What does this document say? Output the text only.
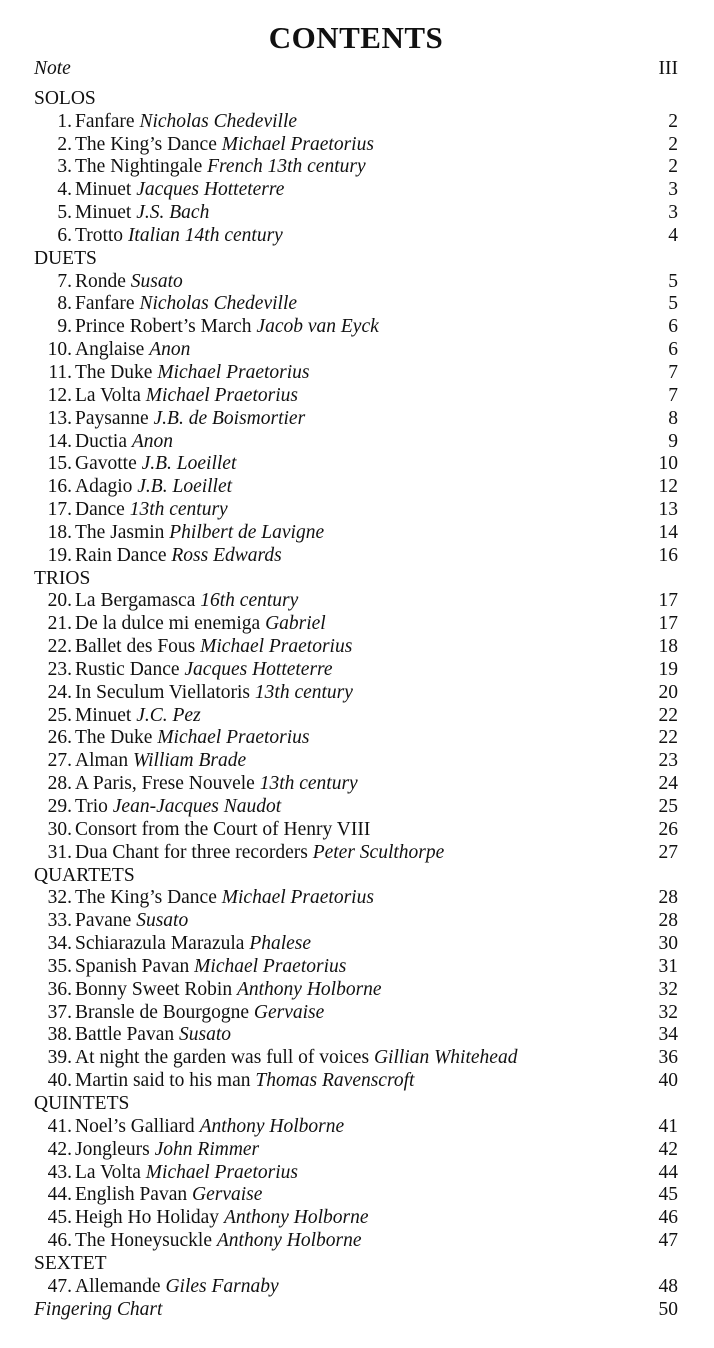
CONTENTS
Note	III
SOLOS
1. Fanfare Nicholas Chedeville	2
2. The King’s Dance Michael Praetorius	2
3. The Nightingale French 13th century	2
4. Minuet Jacques Hotteterre	3
5. Minuet J.S. Bach	3
6. Trotto Italian 14th century	4
DUETS
7. Ronde Susato	5
8. Fanfare Nicholas Chedeville	5
9. Prince Robert’s March Jacob van Eyck	6
10. Anglaise Anon	6
11. The Duke Michael Praetorius	7
12. La Volta Michael Praetorius	7
13. Paysanne J.B. de Boismortier	8
14. Ductia Anon	9
15. Gavotte J.B. Loeillet	10
16. Adagio J.B. Loeillet	12
17. Dance 13th century	13
18. The Jasmin Philbert de Lavigne	14
19. Rain Dance Ross Edwards	16
TRIOS
20. La Bergamasca 16th century	17
21. De la dulce mi enemiga Gabriel	17
22. Ballet des Fous Michael Praetorius	18
23. Rustic Dance Jacques Hotteterre	19
24. In Seculum Viellatoris 13th century	20
25. Minuet J.C. Pez	22
26. The Duke Michael Praetorius	22
27. Alman William Brade	23
28. A Paris, Frese Nouvele 13th century	24
29. Trio Jean-Jacques Naudot	25
30. Consort from the Court of Henry VIII	26
31. Dua Chant for three recorders Peter Sculthorpe	27
QUARTETS
32. The King’s Dance Michael Praetorius	28
33. Pavane Susato	28
34. Schiarazula Marazula Phalese	30
35. Spanish Pavan Michael Praetorius	31
36. Bonny Sweet Robin Anthony Holborne	32
37. Bransle de Bourgogne Gervaise	32
38. Battle Pavan Susato	34
39. At night the garden was full of voices Gillian Whitehead	36
40. Martin said to his man Thomas Ravenscroft	40
QUINTETS
41. Noel’s Galliard Anthony Holborne	41
42. Jongleurs John Rimmer	42
43. La Volta Michael Praetorius	44
44. English Pavan Gervaise	45
45. Heigh Ho Holiday Anthony Holborne	46
46. The Honeysuckle Anthony Holborne	47
SEXTET
47. Allemande Giles Farnaby	48
Fingering Chart	50
